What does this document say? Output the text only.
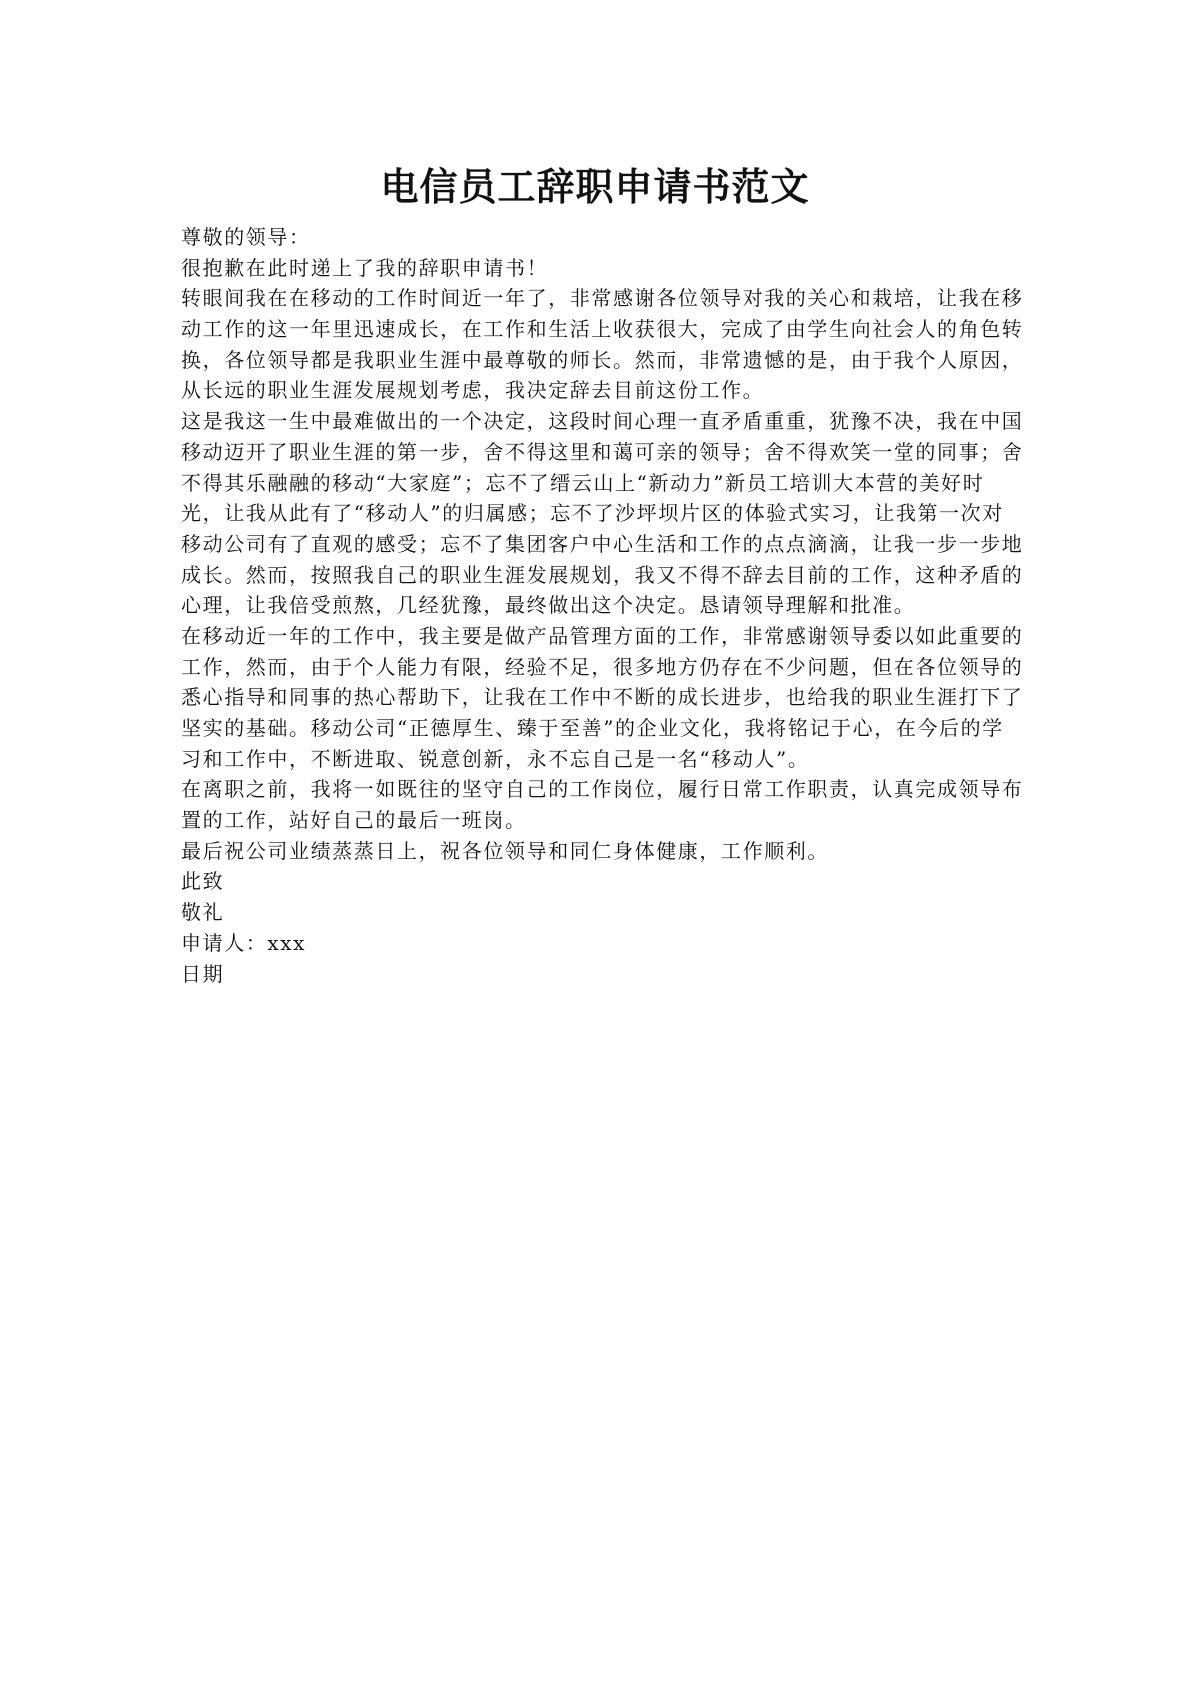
电信员工辞职申请书范文
尊敬的领导：
很抱歉在此时递上了我的辞职申请书！
转眼间我在在移动的工作时间近一年了，非常感谢各位领导对我的关心和栽培，让我在移
动工作的这一年里迅速成长，在工作和生活上收获很大，完成了由学生向社会人的角色转
换，各位领导都是我职业生涯中最尊敬的师长。然而，非常遗憾的是，由于我个人原因，
从长远的职业生涯发展规划考虑，我决定辞去目前这份工作。
这是我这一生中最难做出的一个决定，这段时间心理一直矛盾重重，犹豫不决，我在中国
移动迈开了职业生涯的第一步，舍不得这里和蔼可亲的领导；舍不得欢笑一堂的同事；舍
不得其乐融融的移动“大家庭”；忘不了缙云山上“新动力”新员工培训大本营的美好时
光，让我从此有了“移动人”的归属感；忘不了沙坪坝片区的体验式实习，让我第一次对
移动公司有了直观的感受；忘不了集团客户中心生活和工作的点点滴滴，让我一步一步地
成长。然而，按照我自己的职业生涯发展规划，我又不得不辞去目前的工作，这种矛盾的
心理，让我倍受煎熬，几经犹豫，最终做出这个决定。恳请领导理解和批准。
在移动近一年的工作中，我主要是做产品管理方面的工作，非常感谢领导委以如此重要的
工作，然而，由于个人能力有限，经验不足，很多地方仍存在不少问题，但在各位领导的
悉心指导和同事的热心帮助下，让我在工作中不断的成长进步，也给我的职业生涯打下了
坚实的基础。移动公司“正德厚生、臻于至善”的企业文化，我将铭记于心，在今后的学
习和工作中，不断进取、锐意创新，永不忘自己是一名“移动人”。
在离职之前，我将一如既往的坚守自己的工作岗位，履行日常工作职责，认真完成领导布
置的工作，站好自己的最后一班岗。
最后祝公司业绩蒸蒸日上，祝各位领导和同仁身体健康，工作顺利。
此致
敬礼
申请人：xxx
日期
